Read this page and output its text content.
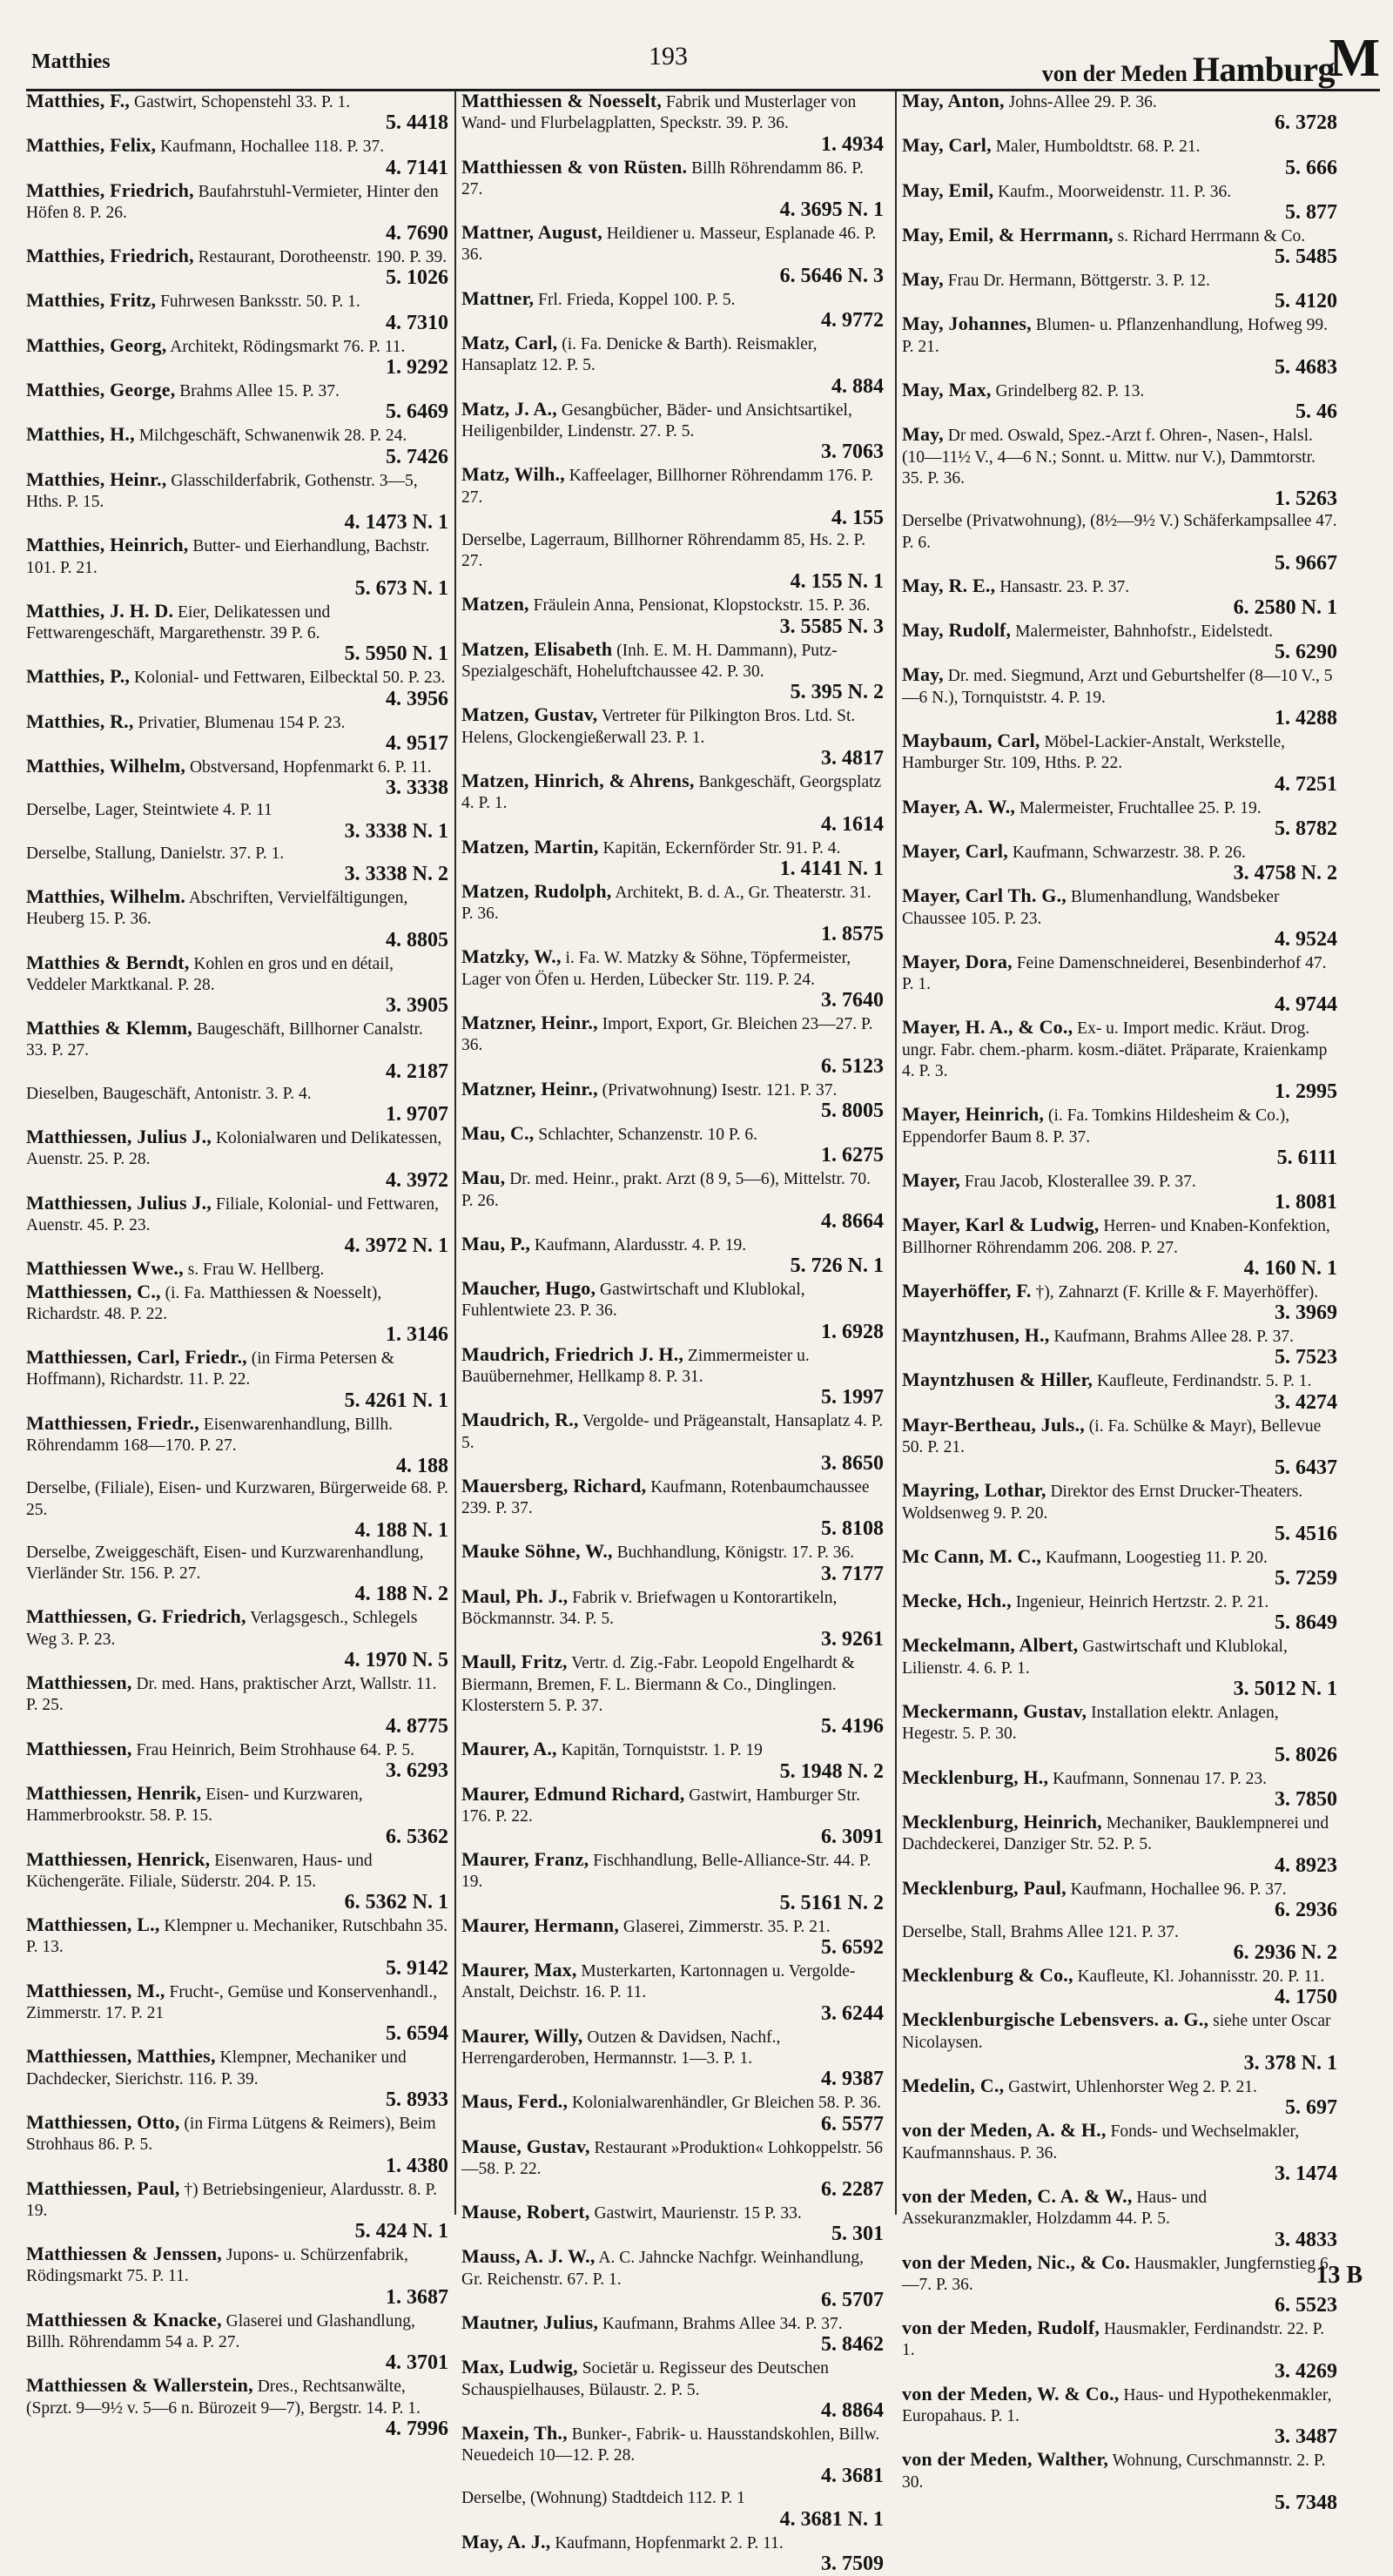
Matthies	193
von der Meden Hamburg
M
Matthies, F., Gastwirt, Schopenstehl 33. P. 1.
5. 4418
Matthies, Felix, Kaufmann, Hochallee 118. P. 37.
4. 7141
Matthies, Friedrich, Baufahrstuhl-Vermieter, Hinter den Höfen 8. P. 26.
4. 7690
Matthies, Friedrich, Restaurant, Dorotheenstr. 190. P. 39.
5. 1026
Matthies, Fritz, Fuhrwesen Banksstr. 50. P. 1.
4. 7310
Matthies, Georg, Architekt, Rödingsmarkt 76. P. 11.
1. 9292
Matthies, George, Brahms Allee 15. P. 37.
5. 6469
Matthies, H., Milchgeschäft, Schwanenwik 28. P. 24.
5. 7426
Matthies, Heinr., Glasschilderfabrik, Gothenstr. 3—5, Hths. P. 15.
4. 1473 N. 1
Matthies, Heinrich, Butter- und Eierhandlung, Bachstr. 101. P. 21.
5. 673 N. 1
Matthies, J. H. D. Eier, Delikatessen und Fettwarengeschäft, Margarethenstr. 39 P. 6.
5. 5950 N. 1
Matthies, P., Kolonial- und Fettwaren, Eilbecktal 50. P. 23.
4. 3956
Matthies, R., Privatier, Blumenau 154 P. 23.
4. 9517
Matthies, Wilhelm, Obstversand, Hopfenmarkt 6. P. 11.
3. 3338
Derselbe, Lager, Steintwiete 4. P. 11
3. 3338 N. 1
Derselbe, Stallung, Danielstr. 37. P. 1.
3. 3338 N. 2
Matthies, Wilhelm. Abschriften, Vervielfältigungen, Heuberg 15. P. 36.
4. 8805
Matthies & Berndt, Kohlen en gros und en détail, Veddeler Marktkanal. P. 28.
3. 3905
Matthies & Klemm, Baugeschäft, Billhorner Canalstr. 33. P. 27.
4. 2187
Dieselben, Baugeschäft, Antonistr. 3. P. 4.
1. 9707
Matthiessen, Julius J., Kolonialwaren und Delikatessen, Auenstr. 25. P. 28.
4. 3972
Matthiessen, Julius J., Filiale, Kolonial- und Fettwaren, Auenstr. 45. P. 23.
4. 3972 N. 1
Matthiessen Wwe., s. Frau W. Hellberg.
Matthiessen, C., (i. Fa. Matthiessen & Noesselt), Richardstr. 48. P. 22.
1. 3146
Matthiessen, Carl, Friedr., (in Firma Petersen & Hoffmann), Richardstr. 11. P. 22.
5. 4261 N. 1
Matthiessen, Friedr., Eisenwarenhandlung, Billh. Röhrendamm 168—170. P. 27.
4. 188
Derselbe, (Filiale), Eisen- und Kurzwaren, Bürgerweide 68. P. 25.
4. 188 N. 1
Derselbe, Zweiggeschäft, Eisen- und Kurzwarenhandlung, Vierländer Str. 156. P. 27.
4. 188 N. 2
Matthiessen, G. Friedrich, Verlagsgesch., Schlegels Weg 3. P. 23.
4. 1970 N. 5
Matthiessen, Dr. med. Hans, praktischer Arzt, Wallstr. 11. P. 25.
4. 8775
Matthiessen, Frau Heinrich, Beim Strohhause 64. P. 5.
3. 6293
Matthiessen, Henrik, Eisen- und Kurzwaren, Hammerbrookstr. 58. P. 15.
6. 5362
Matthiessen, Henrick, Eisenwaren, Haus- und Küchengeräte. Filiale, Süderstr. 204. P. 15.
6. 5362 N. 1
Matthiessen, L., Klempner u. Mechaniker, Rutschbahn 35. P. 13.
5. 9142
Matthiessen, M., Frucht-, Gemüse und Konservenhandl., Zimmerstr. 17. P. 21
5. 6594
Matthiessen, Matthies, Klempner, Mechaniker und Dachdecker, Sierichstr. 116. P. 39.
5. 8933
Matthiessen, Otto, (in Firma Lütgens & Reimers), Beim Strohhaus 86. P. 5.
1. 4380
Matthiessen, Paul, †) Betriebsingenieur, Alardusstr. 8. P. 19.
5. 424 N. 1
Matthiessen & Jenssen, Jupons- u. Schürzenfabrik, Rödingsmarkt 75. P. 11.
1. 3687
Matthiessen & Knacke, Glaserei und Glashandlung, Billh. Röhrendamm 54 a. P. 27.
4. 3701
Matthiessen & Wallerstein, Dres., Rechtsanwälte, (Sprzt. 9—9½ v. 5—6 n. Bürozeit 9—7), Bergstr. 14. P. 1.
4. 7996
Matthiessen & Noesselt, Fabrik und Musterlager von Wand- und Flurbelagplatten, Speckstr. 39. P. 36.
1. 4934
Matthiessen & von Rüsten. Billh Röhrendamm 86. P. 27.
4. 3695 N. 1
Mattner, August, Heildiener u. Masseur, Esplanade 46. P. 36.
6. 5646 N. 3
Mattner, Frl. Frieda, Koppel 100. P. 5.
4. 9772
Matz, Carl, (i. Fa. Denicke & Barth). Reismakler, Hansaplatz 12. P. 5.
4. 884
Matz, J. A., Gesangbücher, Bäder- und Ansichtsartikel, Heiligenbilder, Lindenstr. 27. P. 5.
3. 7063
Matz, Wilh., Kaffeelager, Billhorner Röhrendamm 176. P. 27.
4. 155
Derselbe, Lagerraum, Billhorner Röhrendamm 85, Hs. 2. P. 27.
4. 155 N. 1
Matzen, Fräulein Anna, Pensionat, Klopstockstr. 15. P. 36.
3. 5585 N. 3
Matzen, Elisabeth (Inh. E. M. H. Dammann), Putz- Spezialgeschäft, Hoheluftchaussee 42. P. 30.
5. 395 N. 2
Matzen, Gustav, Vertreter für Pilkington Bros. Ltd. St. Helens, Glockengießerwall 23. P. 1.
3. 4817
Matzen, Hinrich, & Ahrens, Bankgeschäft, Georgsplatz 4. P. 1.
4. 1614
Matzen, Martin, Kapitän, Eckernförder Str. 91. P. 4.
1. 4141 N. 1
Matzen, Rudolph, Architekt, B. d. A., Gr. Theaterstr. 31. P. 36.
1. 8575
Matzky, W., i. Fa. W. Matzky & Söhne, Töpfermeister, Lager von Öfen u. Herden, Lübecker Str. 119. P. 24.
3. 7640
Matzner, Heinr., Import, Export, Gr. Bleichen 23—27. P. 36.
6. 5123
Matzner, Heinr., (Privatwohnung) Isestr. 121. P. 37.
5. 8005
Mau, C., Schlachter, Schanzenstr. 10 P. 6.
1. 6275
Mau, Dr. med. Heinr., prakt. Arzt (8 9, 5—6), Mittelstr. 70. P. 26.
4. 8664
Mau, P., Kaufmann, Alardusstr. 4. P. 19.
5. 726 N. 1
Maucher, Hugo, Gastwirtschaft und Klublokal, Fuhlentwiete 23. P. 36.
1. 6928
Maudrich, Friedrich J. H., Zimmermeister u. Bauübernehmer, Hellkamp 8. P. 31.
5. 1997
Maudrich, R., Vergolde- und Prägeanstalt, Hansaplatz 4. P. 5.
3. 8650
Mauersberg, Richard, Kaufmann, Rotenbaumchaussee 239. P. 37.
5. 8108
Mauke Söhne, W., Buchhandlung, Königstr. 17. P. 36.
3. 7177
Maul, Ph. J., Fabrik v. Briefwagen u Kontorartikeln, Böckmannstr. 34. P. 5.
3. 9261
Maull, Fritz, Vertr. d. Zig.-Fabr. Leopold Engelhardt & Biermann, Bremen, F. L. Biermann & Co., Dinglingen. Klosterstern 5. P. 37.
5. 4196
Maurer, A., Kapitän, Tornquiststr. 1. P. 19
5. 1948 N. 2
Maurer, Edmund Richard, Gastwirt, Hamburger Str. 176. P. 22.
6. 3091
Maurer, Franz, Fischhandlung, Belle-Alliance-Str. 44. P. 19.
5. 5161 N. 2
Maurer, Hermann, Glaserei, Zimmerstr. 35. P. 21.
5. 6592
Maurer, Max, Musterkarten, Kartonnagen u. Vergolde-Anstalt, Deichstr. 16. P. 11.
3. 6244
Maurer, Willy, Outzen & Davidsen, Nachf., Herrengarderoben, Hermannstr. 1—3. P. 1.
4. 9387
Maus, Ferd., Kolonialwarenhändler, Gr Bleichen 58. P. 36.
6. 5577
Mause, Gustav, Restaurant »Produktion« Lohkoppelstr. 56—58. P. 22.
6. 2287
Mause, Robert, Gastwirt, Maurienstr. 15 P. 33.
5. 301
Mauss, A. J. W., A. C. Jahncke Nachfgr. Weinhandlung, Gr. Reichenstr. 67. P. 1.
6. 5707
Mautner, Julius, Kaufmann, Brahms Allee 34. P. 37.
5. 8462
Max, Ludwig, Societär u. Regisseur des Deutschen Schauspielhauses, Bülaustr. 2. P. 5.
4. 8864
Maxein, Th., Bunker-, Fabrik- u. Hausstandskohlen, Billw. Neuedeich 10—12. P. 28.
4. 3681
Derselbe, (Wohnung) Stadtdeich 112. P. 1
4. 3681 N. 1
May, A. J., Kaufmann, Hopfenmarkt 2. P. 11.
3. 7509
May, Anton, Johns-Allee 29. P. 36.
6. 3728
May, Carl, Maler, Humboldtstr. 68. P. 21.
5. 666
May, Emil, Kaufm., Moorweidenstr. 11. P. 36.
5. 877
May, Emil, & Herrmann, s. Richard Herrmann & Co.
5. 5485
May, Frau Dr. Hermann, Böttgerstr. 3. P. 12.
5. 4120
May, Johannes, Blumen- u. Pflanzenhandlung, Hofweg 99. P. 21.
5. 4683
May, Max, Grindelberg 82. P. 13.
5. 46
May, Dr med. Oswald, Spez.-Arzt f. Ohren-, Nasen-, Halsl. (10—11½ V., 4—6 N.; Sonnt. u. Mittw. nur V.), Dammtorstr. 35. P. 36.
1. 5263
Derselbe (Privatwohnung), (8½—9½ V.) Schäferkampsallee 47. P. 6.
5. 9667
May, R. E., Hansastr. 23. P. 37.
6. 2580 N. 1
May, Rudolf, Malermeister, Bahnhofstr., Eidelstedt.
5. 6290
May, Dr. med. Siegmund, Arzt und Geburtshelfer (8—10 V., 5—6 N.), Tornquiststr. 4. P. 19.
1. 4288
Maybaum, Carl, Möbel-Lackier-Anstalt, Werkstelle, Hamburger Str. 109, Hths. P. 22.
4. 7251
Mayer, A. W., Malermeister, Fruchtallee 25. P. 19.
5. 8782
Mayer, Carl, Kaufmann, Schwarzestr. 38. P. 26.
3. 4758 N. 2
Mayer, Carl Th. G., Blumenhandlung, Wandsbeker Chaussee 105. P. 23.
4. 9524
Mayer, Dora, Feine Damenschneiderei, Besenbinderhof 47. P. 1.
4. 9744
Mayer, H. A., & Co., Ex- u. Import medic. Kräut. Drog. ungr. Fabr. chem.-pharm. kosm.-diätet. Präparate, Kraienkamp 4. P. 3.
1. 2995
Mayer, Heinrich, (i. Fa. Tomkins Hildesheim & Co.), Eppendorfer Baum 8. P. 37.
5. 6111
Mayer, Frau Jacob, Klosterallee 39. P. 37.
1. 8081
Mayer, Karl & Ludwig, Herren- und Knaben-Konfektion, Billhorner Röhrendamm 206. 208. P. 27.
4. 160 N. 1
Mayerhöffer, F. †), Zahnarzt (F. Krille & F. Mayerhöffer).
3. 3969
Mayntzhusen, H., Kaufmann, Brahms Allee 28. P. 37.
5. 7523
Mayntzhusen & Hiller, Kaufleute, Ferdinandstr. 5. P. 1.
3. 4274
Mayr-Bertheau, Juls., (i. Fa. Schülke & Mayr), Bellevue 50. P. 21.
5. 6437
Mayring, Lothar, Direktor des Ernst Drucker-Theaters. Woldsenweg 9. P. 20.
5. 4516
Mc Cann, M. C., Kaufmann, Loogestieg 11. P. 20.
5. 7259
Mecke, Hch., Ingenieur, Heinrich Hertzstr. 2. P. 21.
5. 8649
Meckelmann, Albert, Gastwirtschaft und Klublokal, Lilienstr. 4. 6. P. 1.
3. 5012 N. 1
Meckermann, Gustav, Installation elektr. Anlagen, Hegestr. 5. P. 30.
5. 8026
Mecklenburg, H., Kaufmann, Sonnenau 17. P. 23.
3. 7850
Mecklenburg, Heinrich, Mechaniker, Bauklempnerei und Dachdeckerei, Danziger Str. 52. P. 5.
4. 8923
Mecklenburg, Paul, Kaufmann, Hochallee 96. P. 37.
6. 2936
Derselbe, Stall, Brahms Allee 121. P. 37.
6. 2936 N. 2
Mecklenburg & Co., Kaufleute, Kl. Johannisstr. 20. P. 11.
4. 1750
Mecklenburgische Lebensvers. a. G., siehe unter Oscar Nicolaysen.
3. 378 N. 1
Medelin, C., Gastwirt, Uhlenhorster Weg 2. P. 21.
5. 697
von der Meden, A. & H., Fonds- und Wechselmakler, Kaufmannshaus. P. 36.
3. 1474
von der Meden, C. A. & W., Haus- und Assekuranzmakler, Holzdamm 44. P. 5.
3. 4833
von der Meden, Nic., & Co. Hausmakler, Jungfernstieg 6—7. P. 36.
6. 5523
von der Meden, Rudolf, Hausmakler, Ferdinandstr. 22. P. 1.
3. 4269
von der Meden, W. & Co., Haus- und Hypothekenmakler, Europahaus. P. 1.
3. 3487
von der Meden, Walther, Wohnung, Curschmannstr. 2. P. 30.
5. 7348
13 B
